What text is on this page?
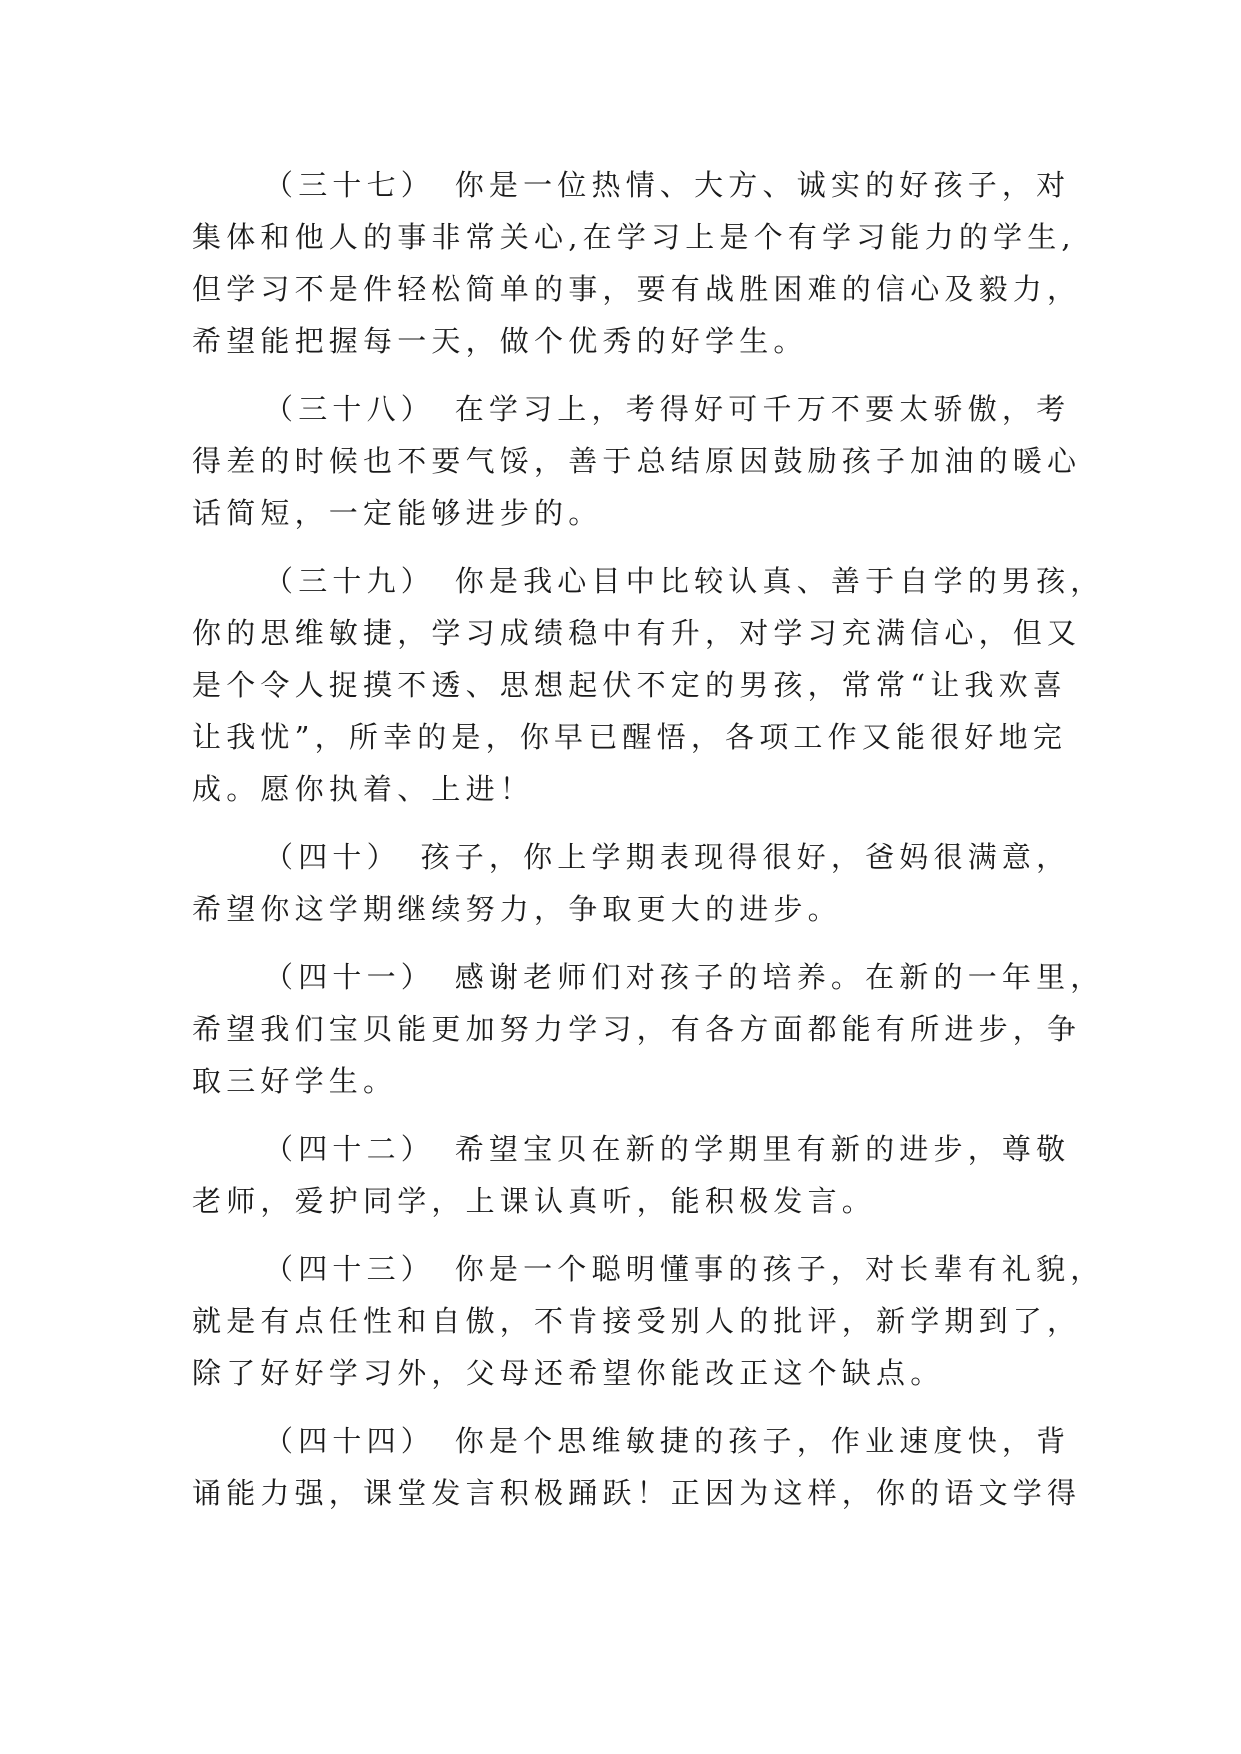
（三十七）　你是一位热情、大方、诚实的好孩子，对
集体和他人的事非常关心,在学习上是个有学习能力的学生,
但学习不是件轻松简单的事，要有战胜困难的信心及毅力，
希望能把握每一天，做个优秀的好学生。
（三十八）　在学习上，考得好可千万不要太骄傲，考
得差的时候也不要气馁，善于总结原因鼓励孩子加油的暖心
话简短，一定能够进步的。
（三十九）　你是我心目中比较认真、善于自学的男孩，
你的思维敏捷，学习成绩稳中有升，对学习充满信心，但又
是个令人捉摸不透、思想起伏不定的男孩，常常“让我欢喜
让我忧”，所幸的是，你早已醒悟，各项工作又能很好地完
成。愿你执着、上进！
（四十）　孩子，你上学期表现得很好，爸妈很满意，
希望你这学期继续努力，争取更大的进步。
（四十一）　感谢老师们对孩子的培养。在新的一年里，
希望我们宝贝能更加努力学习，有各方面都能有所进步，争
取三好学生。
（四十二）　希望宝贝在新的学期里有新的进步，尊敬
老师，爱护同学，上课认真听，能积极发言。
（四十三）　你是一个聪明懂事的孩子，对长辈有礼貌，
就是有点任性和自傲，不肯接受别人的批评，新学期到了，
除了好好学习外，父母还希望你能改正这个缺点。
（四十四）　你是个思维敏捷的孩子，作业速度快，背
诵能力强，课堂发言积极踊跃！正因为这样，你的语文学得
